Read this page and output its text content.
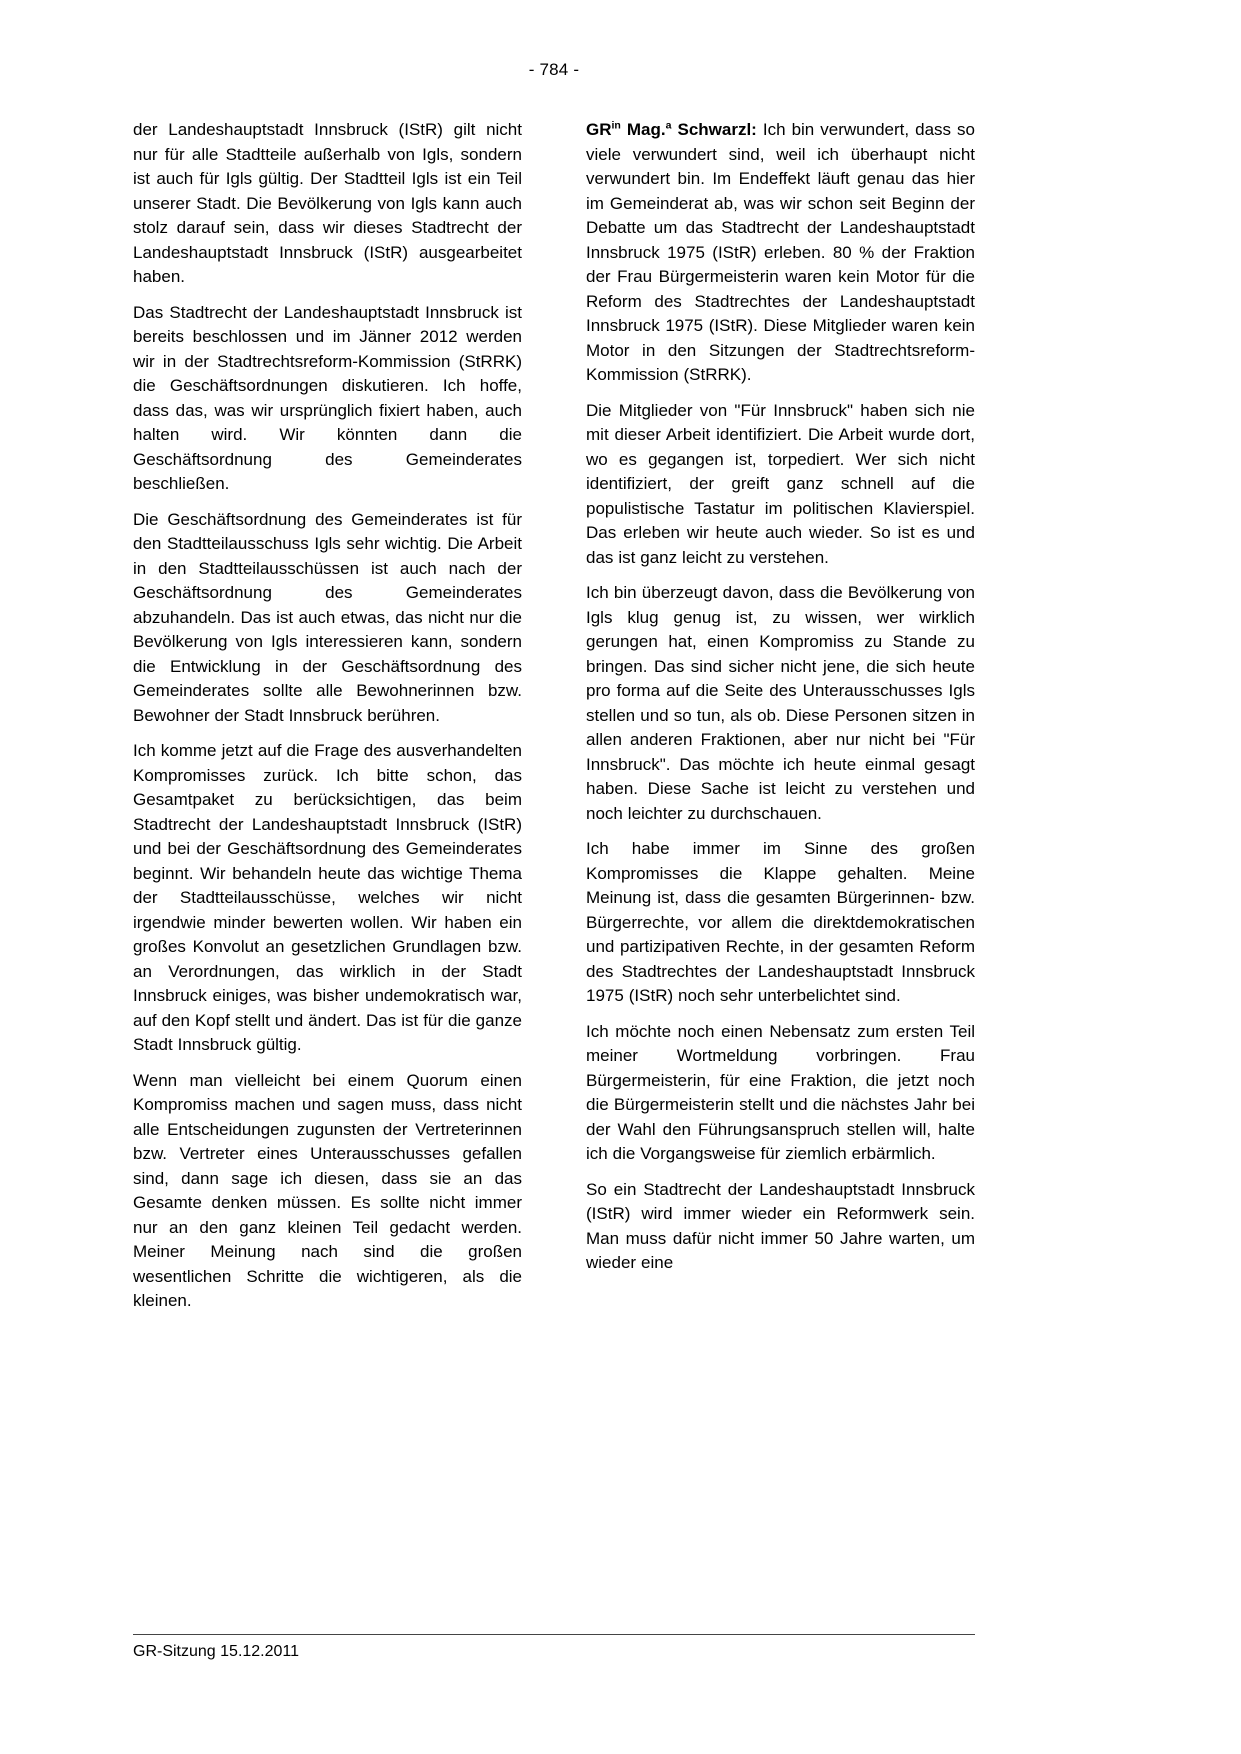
- 784 -

der Landeshauptstadt Innsbruck (IStR) gilt nicht nur für alle Stadtteile außerhalb von Igls, sondern ist auch für Igls gültig. Der Stadtteil Igls ist ein Teil unserer Stadt. Die Bevölkerung von Igls kann auch stolz darauf sein, dass wir dieses Stadtrecht der Landeshauptstadt Innsbruck (IStR) ausgearbeitet haben.

Das Stadtrecht der Landeshauptstadt Innsbruck ist bereits beschlossen und im Jänner 2012 werden wir in der Stadtrechtsreform-Kommission (StRRK) die Geschäftsordnungen diskutieren. Ich hoffe, dass das, was wir ursprünglich fixiert haben, auch halten wird. Wir könnten dann die Geschäftsordnung des Gemeinderates beschließen.

Die Geschäftsordnung des Gemeinderates ist für den Stadtteilausschuss Igls sehr wichtig. Die Arbeit in den Stadtteilausschüssen ist auch nach der Geschäftsordnung des Gemeinderates abzuhandeln. Das ist auch etwas, das nicht nur die Bevölkerung von Igls interessieren kann, sondern die Entwicklung in der Geschäftsordnung des Gemeinderates sollte alle Bewohnerinnen bzw. Bewohner der Stadt Innsbruck berühren.

Ich komme jetzt auf die Frage des ausverhandelten Kompromisses zurück. Ich bitte schon, das Gesamtpaket zu berücksichtigen, das beim Stadtrecht der Landeshauptstadt Innsbruck (IStR) und bei der Geschäftsordnung des Gemeinderates beginnt. Wir behandeln heute das wichtige Thema der Stadtteilausschüsse, welches wir nicht irgendwie minder bewerten wollen. Wir haben ein großes Konvolut an gesetzlichen Grundlagen bzw. an Verordnungen, das wirklich in der Stadt Innsbruck einiges, was bisher undemokratisch war, auf den Kopf stellt und ändert. Das ist für die ganze Stadt Innsbruck gültig.

Wenn man vielleicht bei einem Quorum einen Kompromiss machen und sagen muss, dass nicht alle Entscheidungen zugunsten der Vertreterinnen bzw. Vertreter eines Unterausschusses gefallen sind, dann sage ich diesen, dass sie an das Gesamte denken müssen. Es sollte nicht immer nur an den ganz kleinen Teil gedacht werden. Meiner Meinung nach sind die großen wesentlichen Schritte die wichtigeren, als die kleinen.

$GR^{in}$ Mag.$^a$ Schwarzl: Ich bin verwundert, dass so viele verwundert sind, weil ich überhaupt nicht verwundert bin. Im Endeffekt läuft genau das hier im Gemeinderat ab, was wir schon seit Beginn der Debatte um das Stadtrecht der Landeshauptstadt Innsbruck 1975 (IStR) erleben. 80 % der Fraktion der Frau Bürgermeisterin waren kein Motor für die Reform des Stadtrechtes der Landeshauptstadt Innsbruck 1975 (IStR). Diese Mitglieder waren kein Motor in den Sitzungen der Stadtrechtsreform-Kommission (StRRK).

Die Mitglieder von "Für Innsbruck" haben sich nie mit dieser Arbeit identifiziert. Die Arbeit wurde dort, wo es gegangen ist, torpediert. Wer sich nicht identifiziert, der greift ganz schnell auf die populistische Tastatur im politischen Klavierspiel. Das erleben wir heute auch wieder. So ist es und das ist ganz leicht zu verstehen.

Ich bin überzeugt davon, dass die Bevölkerung von Igls klug genug ist, zu wissen, wer wirklich gerungen hat, einen Kompromiss zu Stande zu bringen. Das sind sicher nicht jene, die sich heute pro forma auf die Seite des Unterausschusses Igls stellen und so tun, als ob. Diese Personen sitzen in allen anderen Fraktionen, aber nur nicht bei "Für Innsbruck". Das möchte ich heute einmal gesagt haben. Diese Sache ist leicht zu verstehen und noch leichter zu durchschauen.

Ich habe immer im Sinne des großen Kompromisses die Klappe gehalten. Meine Meinung ist, dass die gesamten Bürgerinnen- bzw. Bürgerrechte, vor allem die direktdemokratischen und partizipativen Rechte, in der gesamten Reform des Stadtrechtes der Landeshauptstadt Innsbruck 1975 (IStR) noch sehr unterbelichtet sind.

Ich möchte noch einen Nebensatz zum ersten Teil meiner Wortmeldung vorbringen. Frau Bürgermeisterin, für eine Fraktion, die jetzt noch die Bürgermeisterin stellt und die nächstes Jahr bei der Wahl den Führungsanspruch stellen will, halte ich die Vorgangsweise für ziemlich erbärmlich.

So ein Stadtrecht der Landeshauptstadt Innsbruck (IStR) wird immer wieder ein Reformwerk sein. Man muss dafür nicht immer 50 Jahre warten, um wieder eine

GR-Sitzung 15.12.2011
